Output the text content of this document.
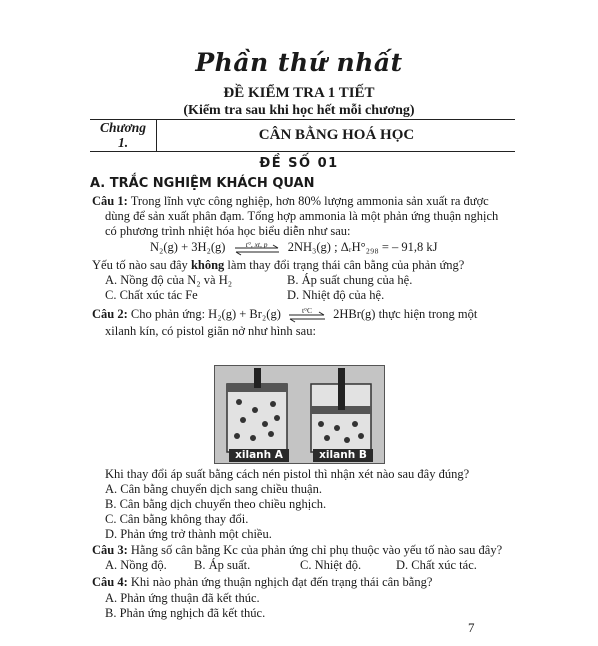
Phần thứ nhất
ĐỀ KIỂM TRA 1 TIẾT
(Kiểm tra sau khi học hết mỗi chương)
Chương
1.	CÂN BẰNG HOÁ HỌC
ĐỀ SỐ 01
A. TRẮC NGHIỆM KHÁCH QUAN
Câu 1: Trong lĩnh vực công nghiệp, hơn 80% lượng ammonia sản xuất ra được
dùng để sản xuất phân đạm. Tổng hợp ammonia là một phản ứng thuận nghịch
có phương trình nhiệt hóa học biểu diễn như sau:
N₂(g) + 3H₂(g)	t°, xt, p	2NH₃(g) ; ΔᵣH°₂₉₈ = – 91,8 kJ
Yếu tố nào sau đây không làm thay đổi trạng thái cân bằng của phản ứng?
A. Nồng độ của N₂ và H₂	B. Áp suất chung của hệ.
C. Chất xúc tác Fe	D. Nhiệt độ của hệ.
Câu 2: Cho phản ứng: H₂(g) + Br₂(g)	t°C	2HBr(g) thực hiện trong một
xilanh kín, có pistol giãn nở như hình sau:
xilanh A	xilanh B
Khi thay đổi áp suất bằng cách nén pistol thì nhận xét nào sau đây đúng?
A. Cân bằng chuyển dịch sang chiều thuận.
B. Cân bằng dịch chuyển theo chiều nghịch.
C. Cân bằng không thay đổi.
D. Phản ứng trở thành một chiều.
Câu 3: Hằng số cân bằng Kc của phản ứng chỉ phụ thuộc vào yếu tố nào sau đây?
A. Nồng độ. B. Áp suất.	C. Nhiệt độ.	D. Chất xúc tác.
Câu 4: Khi nào phản ứng thuận nghịch đạt đến trạng thái cân bằng?
A. Phản ứng thuận đã kết thúc.
B. Phản ứng nghịch đã kết thúc.
7
